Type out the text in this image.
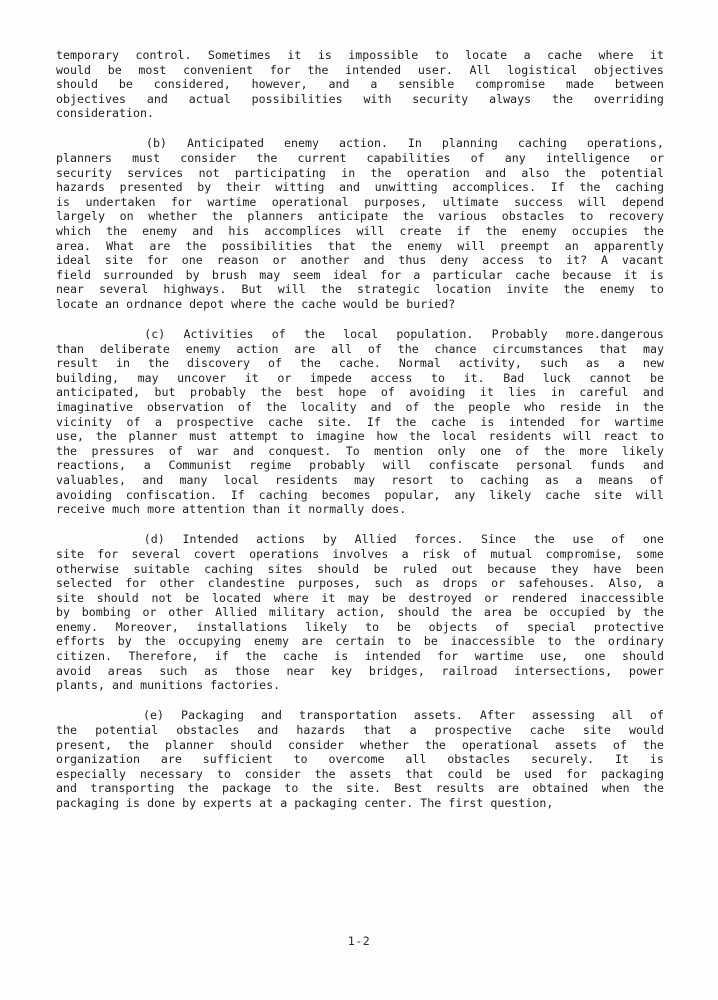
temporary control. Sometimes it is impossible to locate a cache where it
would be most convenient for the intended user. All logistical objectives
should be considered, however, and a sensible compromise made between
objectives and actual possibilities with security always the overriding
consideration.

(b) Anticipated enemy action. In planning caching operations,
planners must consider the current capabilities of any intelligence or
security services not participating in the operation and also the potential
hazards presented by their witting and unwitting accomplices. If the caching
is undertaken for wartime operational purposes, ultimate success will depend
largely on whether the planners anticipate the various obstacles to recovery
which the enemy and his accomplices will create if the enemy occupies the
area. What are the possibilities that the enemy will preempt an apparently
ideal site for one reason or another and thus deny access to it? A vacant
field surrounded by brush may seem ideal for a particular cache because it is
near several highways. But will the strategic location invite the enemy to
locate an ordnance depot where the cache would be buried?

(c) Activities of the local population. Probably more.dangerous
than deliberate enemy action are all of the chance circumstances that may
result in the discovery of the cache. Normal activity, such as a new
building, may uncover it or impede access to it. Bad luck cannot be
anticipated, but probably the best hope of avoiding it lies in careful and
imaginative observation of the locality and of the people who reside in the
vicinity of a prospective cache site. If the cache is intended for wartime
use, the planner must attempt to imagine how the local residents will react to
the pressures of war and conquest. To mention only one of the more likely
reactions, a Communist regime probably will confiscate personal funds and
valuables, and many local residents may resort to caching as a means of
avoiding confiscation. If caching becomes popular, any likely cache site will
receive much more attention than it normally does.

(d) Intended actions by Allied forces. Since the use of one
site for several covert operations involves a risk of mutual compromise, some
otherwise suitable caching sites should be ruled out because they have been
selected for other clandestine purposes, such as drops or safehouses. Also, a
site should not be located where it may be destroyed or rendered inaccessible
by bombing or other Allied military action, should the area be occupied by the
enemy. Moreover, installations likely to be objects of special protective
efforts by the occupying enemy are certain to be inaccessible to the ordinary
citizen. Therefore, if the cache is intended for wartime use, one should
avoid areas such as those near key bridges, railroad intersections, power
plants, and munitions factories.

(e) Packaging and transportation assets. After assessing all of
the potential obstacles and hazards that a prospective cache site would
present, the planner should consider whether the operational assets of the
organization are sufficient to overcome all obstacles securely. It is
especially necessary to consider the assets that could be used for packaging
and transporting the package to the site. Best results are obtained when the
packaging is done by experts at a packaging center. The first question,
1-2
